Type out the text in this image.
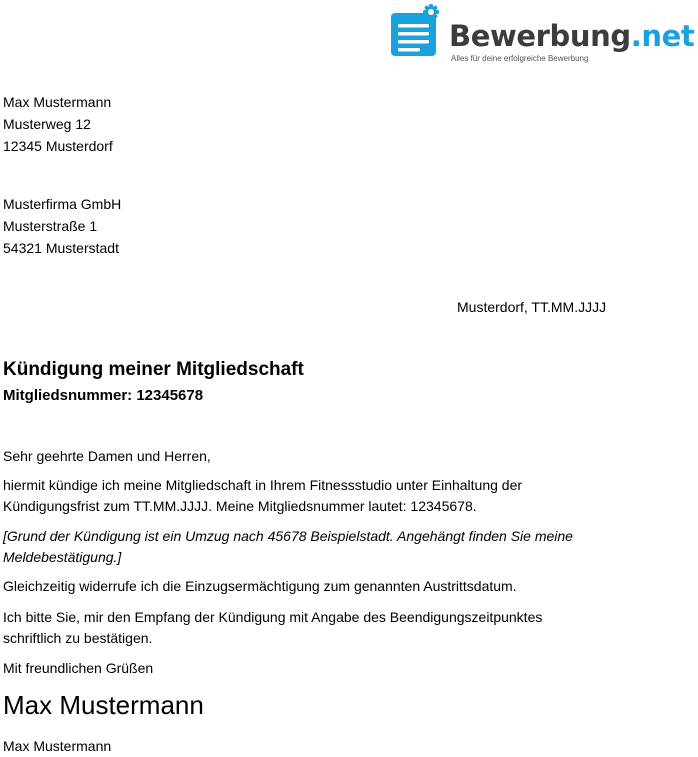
Bewerbung.net
Alles für deine erfolgreiche Bewerbung
Max Mustermann
Musterweg 12
12345 Musterdorf
Musterfirma GmbH
Musterstraße 1
54321 Musterstadt
Musterdorf, TT.MM.JJJJ
Kündigung meiner Mitgliedschaft
Mitgliedsnummer: 12345678
Sehr geehrte Damen und Herren,
hiermit kündige ich meine Mitgliedschaft in Ihrem Fitnessstudio unter Einhaltung der
Kündigungsfrist zum TT.MM.JJJJ. Meine Mitgliedsnummer lautet: 12345678.
[Grund der Kündigung ist ein Umzug nach 45678 Beispielstadt. Angehängt finden Sie meine
Meldebestätigung.]
Gleichzeitig widerrufe ich die Einzugsermächtigung zum genannten Austrittsdatum.
Ich bitte Sie, mir den Empfang der Kündigung mit Angabe des Beendigungszeitpunktes
schriftlich zu bestätigen.
Mit freundlichen Grüßen
Max Mustermann
Max Mustermann
